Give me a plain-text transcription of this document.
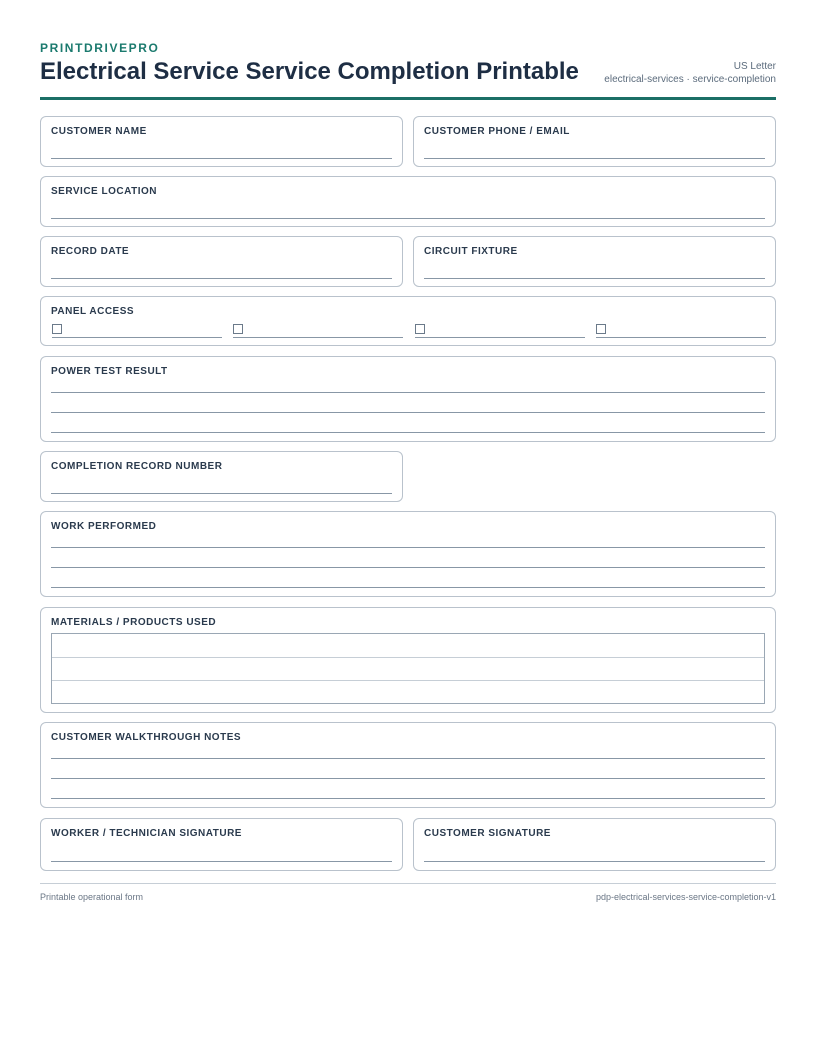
PRINTDRIVEPRO
Electrical Service Service Completion Printable	US Letter
electrical-services · service-completion
CUSTOMER NAME	CUSTOMER PHONE / EMAIL
SERVICE LOCATION
RECORD DATE	CIRCUIT FIXTURE
PANEL ACCESS
POWER TEST RESULT
COMPLETION RECORD NUMBER
WORK PERFORMED
MATERIALS / PRODUCTS USED
CUSTOMER WALKTHROUGH NOTES
WORKER / TECHNICIAN SIGNATURE	CUSTOMER SIGNATURE
Printable operational form	pdp-electrical-services-service-completion-v1
